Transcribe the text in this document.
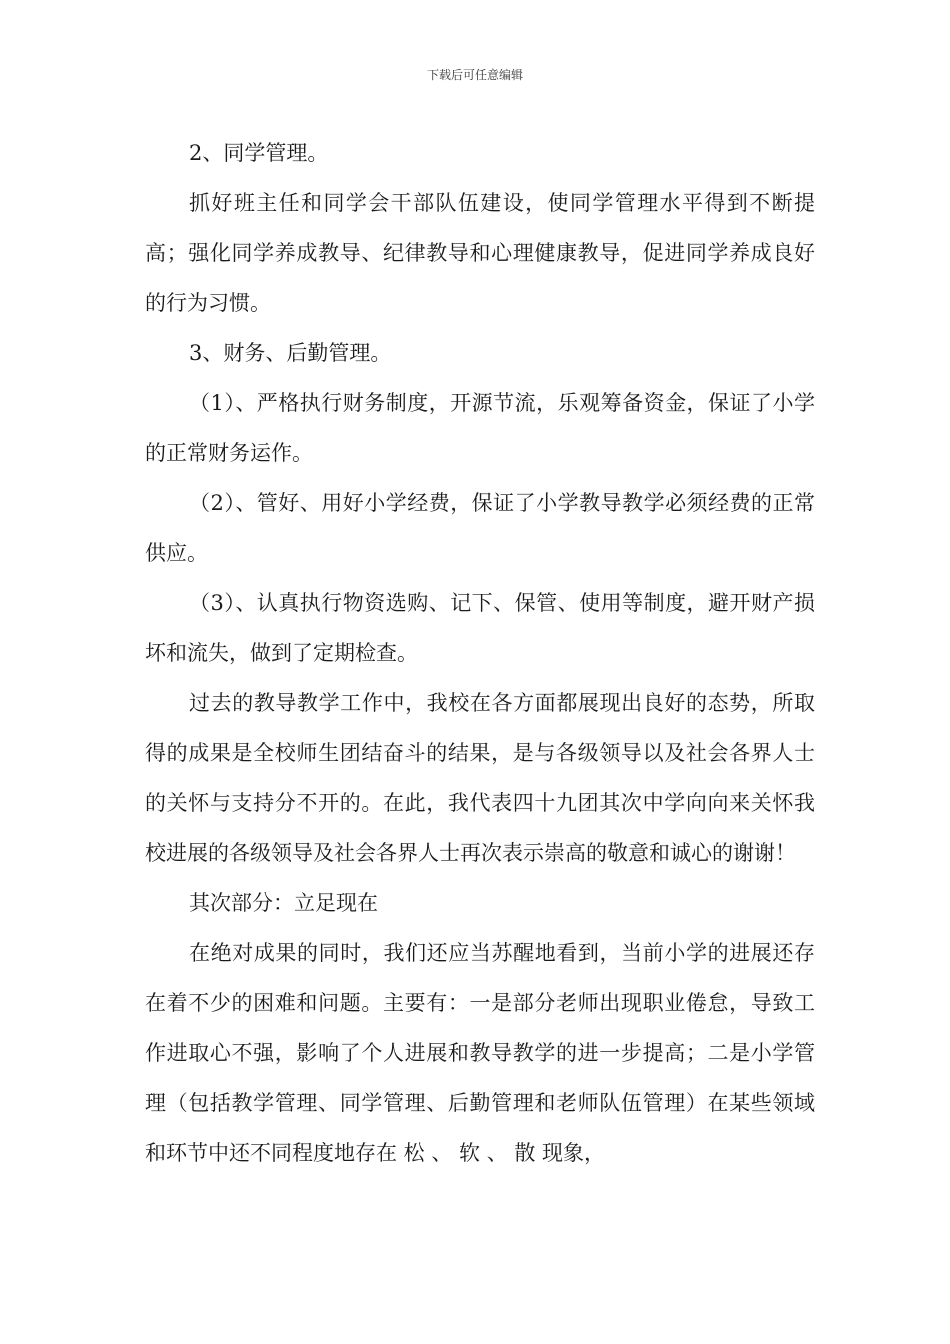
下载后可任意编辑

2、同学管理。

抓好班主任和同学会干部队伍建设，使同学管理水平得到不断提高；强化同学养成教导、纪律教导和心理健康教导，促进同学养成良好的行为习惯。

3、财务、后勤管理。

（1）、严格执行财务制度，开源节流，乐观筹备资金，保证了小学的正常财务运作。

（2）、管好、用好小学经费，保证了小学教导教学必须经费的正常供应。

（3）、认真执行物资选购、记下、保管、使用等制度，避开财产损坏和流失，做到了定期检查。

过去的教导教学工作中，我校在各方面都展现出良好的态势，所取得的成果是全校师生团结奋斗的结果，是与各级领导以及社会各界人士的关怀与支持分不开的。在此，我代表四十九团其次中学向向来关怀我校进展的各级领导及社会各界人士再次表示崇高的敬意和诚心的谢谢！

其次部分：立足现在

在绝对成果的同时，我们还应当苏醒地看到，当前小学的进展还存在着不少的困难和问题。主要有：一是部分老师出现职业倦怠，导致工作进取心不强，影响了个人进展和教导教学的进一步提高；二是小学管理（包括教学管理、同学管理、后勤管理和老师队伍管理）在某些领域和环节中还不同程度地存在 松 、 软 、 散 现象，
